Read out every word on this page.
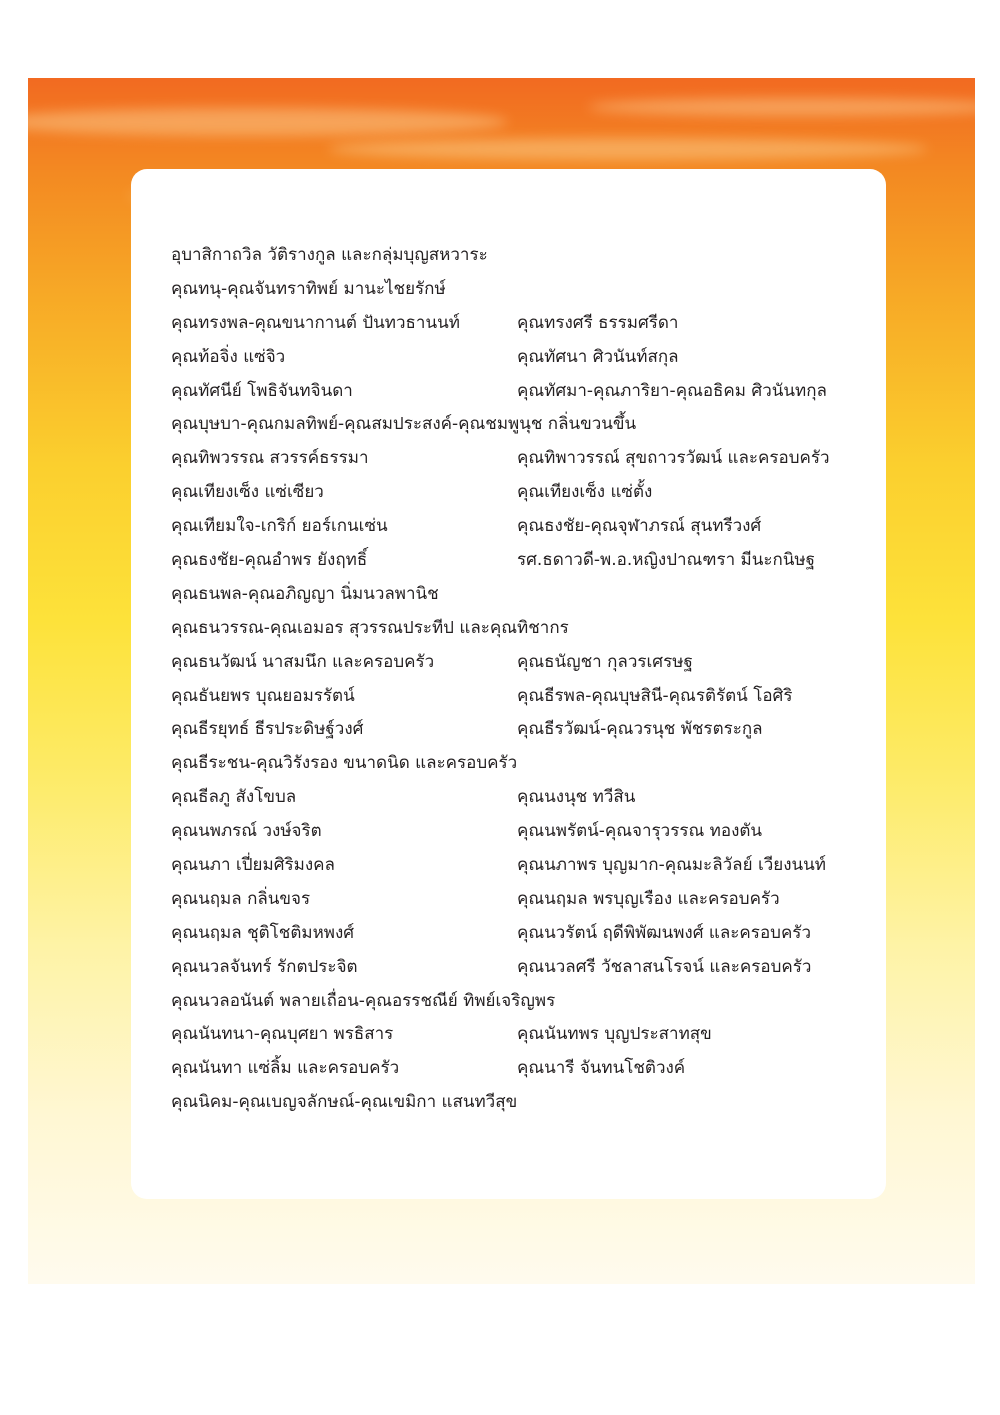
อุบาสิกาถวิล วัติรางกูล และกลุ่มบุญสหวาระ
คุณทนุ-คุณจันทราทิพย์ มานะไชยรักษ์
คุณทรงพล-คุณขนากานต์ ปันทวธานนท์	คุณทรงศรี ธรรมศรีดา
คุณท้อจิ่ง แซ่จิว	คุณทัศนา ศิวนันท์สกุล
คุณทัศนีย์ โพธิจันทจินดา	คุณทัศมา-คุณภาริยา-คุณอธิคม ศิวนันทกุล
คุณบุษบา-คุณกมลทิพย์-คุณสมประสงค์-คุณชมพูนุช กลิ่นขวนขึ้น
คุณทิพวรรณ สวรรค์ธรรมา	คุณทิพาวรรณ์ สุขถาวรวัฒน์ และครอบครัว
คุณเทียงเซ็ง แซ่เซียว	คุณเทียงเซ็ง แซ่ตั้ง
คุณเทียมใจ-เกริก์ ยอร์เกนเซ่น	คุณธงชัย-คุณจุฬาภรณ์ สุนทรีวงศ์
คุณธงชัย-คุณอำพร ยังฤทธิ์	รศ.ธดาวดี-พ.อ.หญิงปาณฑรา มีนะกนิษฐ
คุณธนพล-คุณอภิญญา นิ่มนวลพานิช
คุณธนวรรณ-คุณเอมอร สุวรรณประทีป และคุณทิชากร
คุณธนวัฒน์ นาสมนึก และครอบครัว	คุณธนัญชา กุลวรเศรษฐ
คุณธันยพร บุณยอมรรัตน์	คุณธีรพล-คุณบุษสินี-คุณรติรัตน์ โอศิริ
คุณธีรยุทธ์ ธีรประดิษฐ์วงศ์	คุณธีรวัฒน์-คุณวรนุช พัชรตระกูล
คุณธีระชน-คุณวิรังรอง ขนาดนิด และครอบครัว
คุณธีลภู สังโขบล	คุณนงนุช ทวีสิน
คุณนพภรณ์ วงษ์จริต	คุณนพรัตน์-คุณจารุวรรณ ทองตัน
คุณนภา เปี่ยมศิริมงคล	คุณนภาพร บุญมาก-คุณมะลิวัลย์ เวียงนนท์
คุณนฤมล กลิ่นขจร	คุณนฤมล พรบุญเรือง และครอบครัว
คุณนฤมล ชุติโชติมหพงศ์	คุณนวรัตน์ ฤดีพิพัฒนพงศ์ และครอบครัว
คุณนวลจันทร์ รักตประจิต	คุณนวลศรี วัชลาสนโรจน์ และครอบครัว
คุณนวลอนันต์ พลายเถื่อน-คุณอรรชณีย์ ทิพย์เจริญพร
คุณนันทนา-คุณบุศยา พรธิสาร	คุณนันทพร บุญประสาทสุข
คุณนันทา แซ่ลิ้ม และครอบครัว	คุณนารี จันทนโชติวงค์
คุณนิคม-คุณเบญจลักษณ์-คุณเขมิกา แสนทวีสุข
